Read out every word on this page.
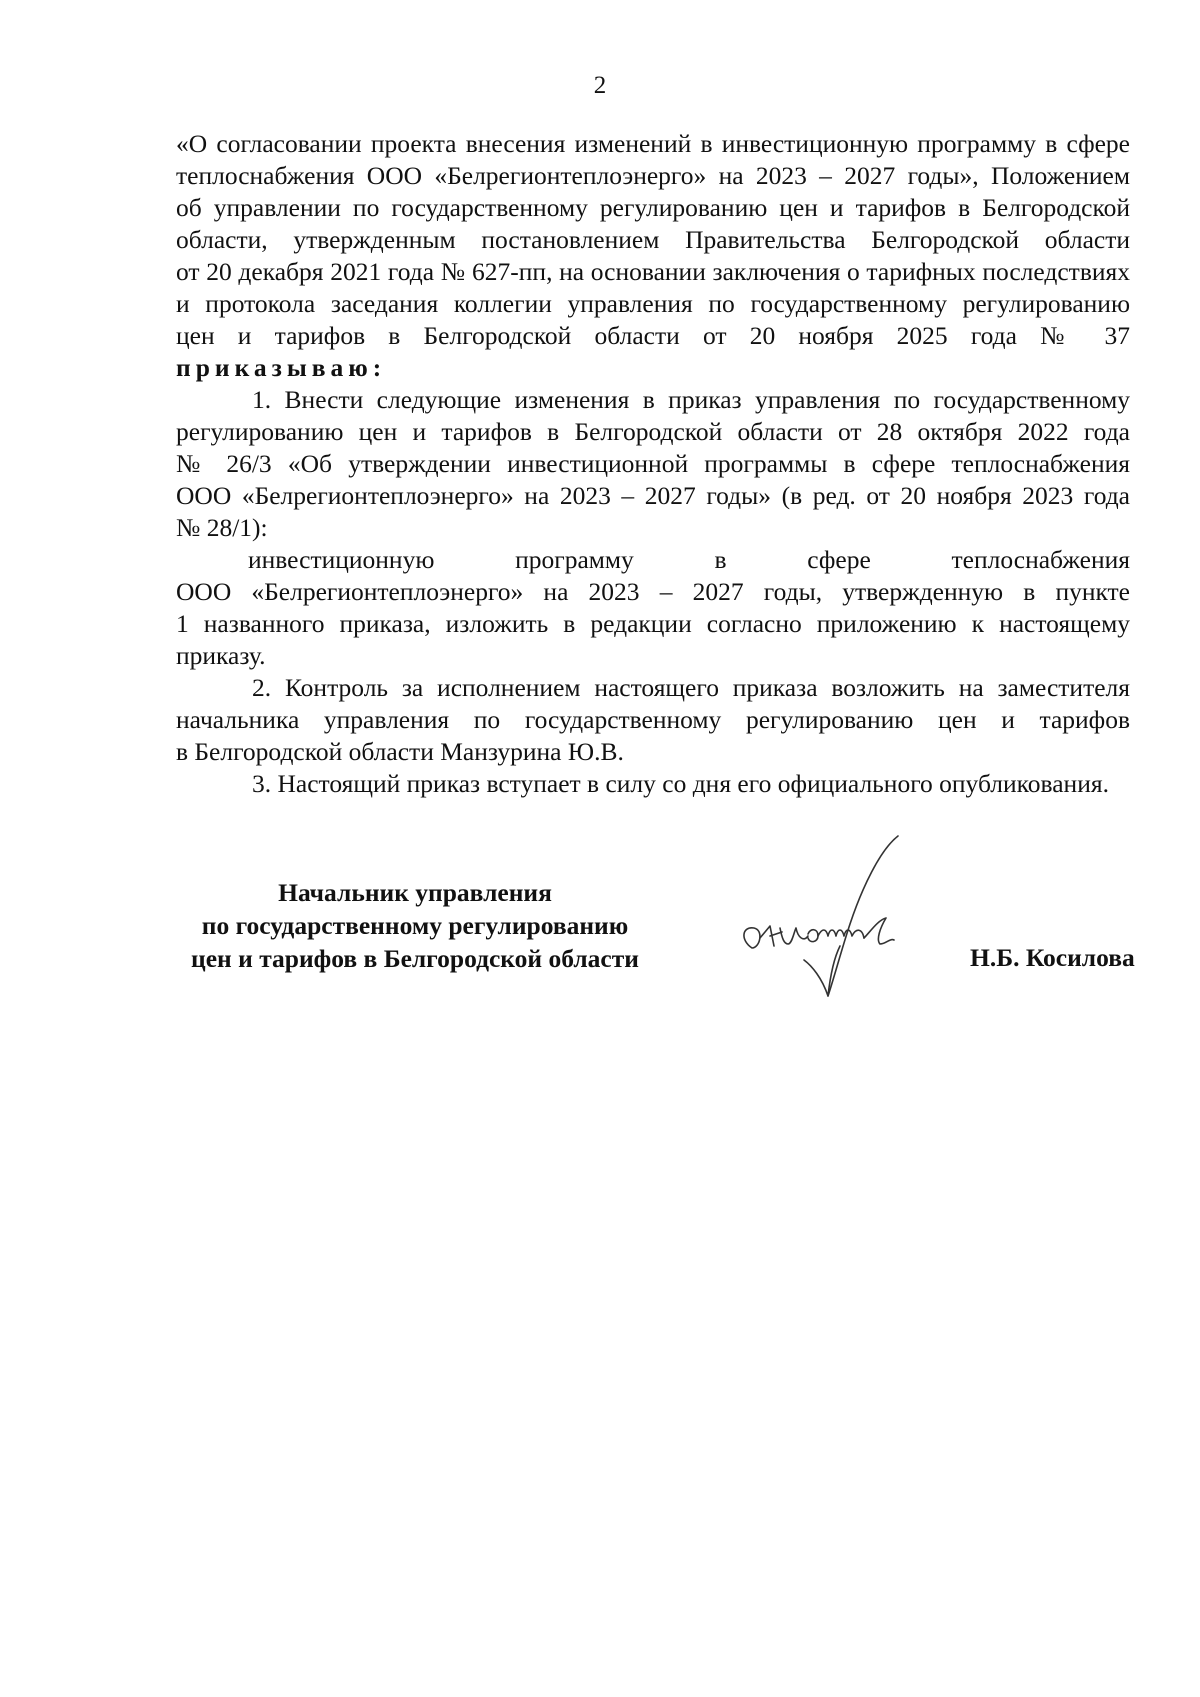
2
«О согласовании проекта внесения изменений в инвестиционную программу в сфере
теплоснабжения ООО «Белрегионтеплоэнерго» на 2023 – 2027 годы», Положением
об управлении по государственному регулированию цен и тарифов в Белгородской
области, утвержденным постановлением Правительства Белгородской области
от 20 декабря 2021 года № 627-пп, на основании заключения о тарифных последствиях
и протокола заседания коллегии управления по государственному регулированию
цен и тарифов в Белгородской области от 20 ноября 2025 года № 37
приказываю:
1. Внести следующие изменения в приказ управления по государственному
регулированию цен и тарифов в Белгородской области от 28 октября 2022 года
№ 26/3 «Об утверждении инвестиционной программы в сфере теплоснабжения
ООО «Белрегионтеплоэнерго» на 2023 – 2027 годы» (в ред. от 20 ноября 2023 года
№ 28/1):
инвестиционную программу в сфере теплоснабжения
ООО «Белрегионтеплоэнерго» на 2023 – 2027 годы, утвержденную в пункте
1 названного приказа, изложить в редакции согласно приложению к настоящему
приказу.
2. Контроль за исполнением настоящего приказа возложить на заместителя
начальника управления по государственному регулированию цен и тарифов
в Белгородской области Манзурина Ю.В.
3. Настоящий приказ вступает в силу со дня его официального опубликования.
Начальник управления
по государственному регулированию
цен и тарифов в Белгородской области	Н.Б. Косилова
